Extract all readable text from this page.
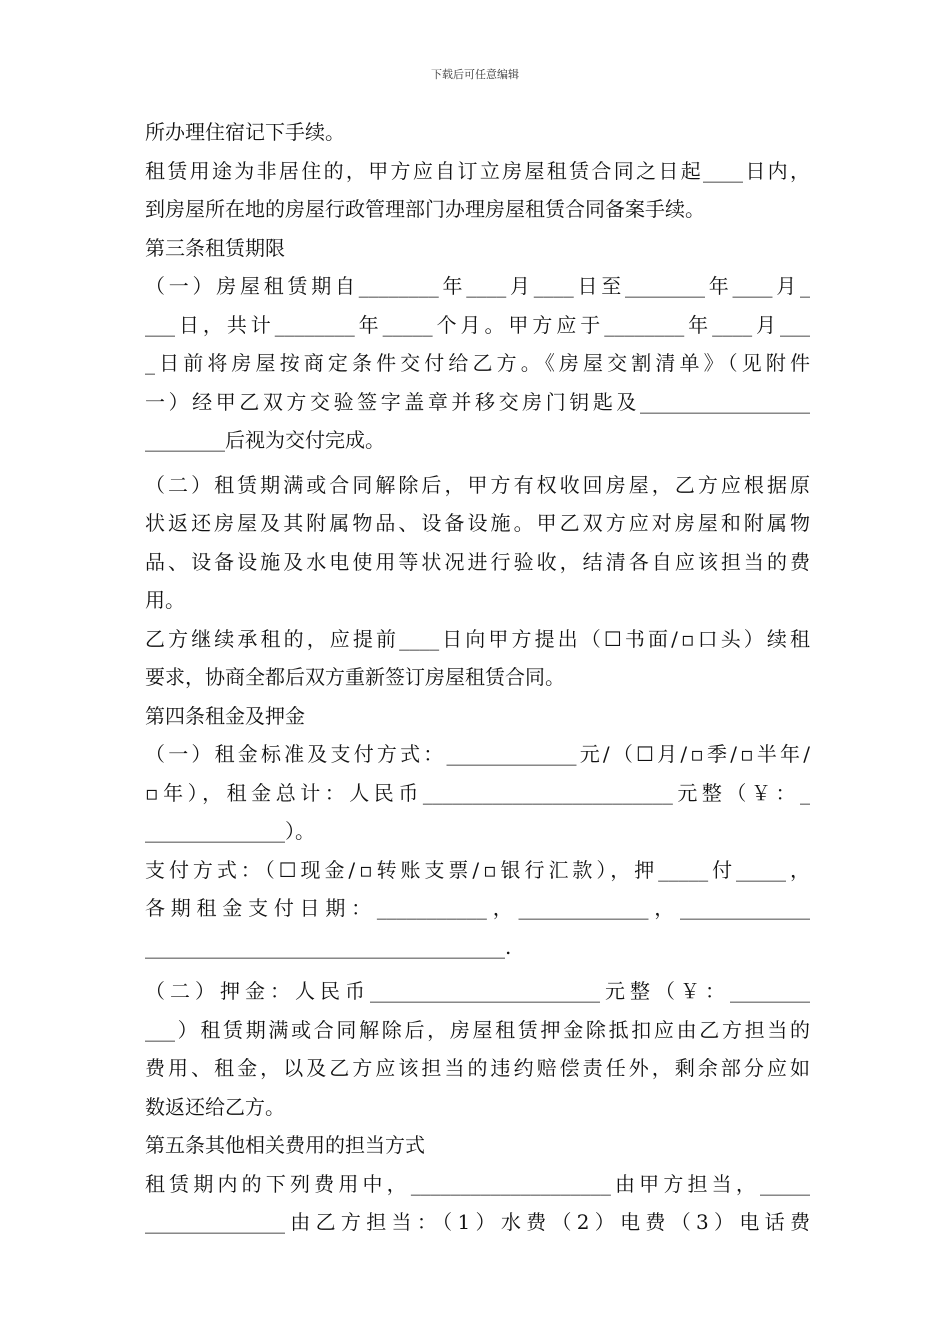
下载后可任意编辑
所办理住宿记下手续。
租赁用途为非居住的，甲方应自订立房屋租赁合同之日起____日内，
到房屋所在地的房屋行政管理部门办理房屋租赁合同备案手续。
第三条租赁期限
（一）房屋租赁期自________年____月____日至________年____月_
___日，共计________年_____个月。甲方应于________年____月___
_日前将房屋按商定条件交付给乙方。《房屋交割清单》（见附件
一）经甲乙双方交验签字盖章并移交房门钥匙及_________________
________后视为交付完成。
（二）租赁期满或合同解除后，甲方有权收回房屋，乙方应根据原
状返还房屋及其附属物品、设备设施。甲乙双方应对房屋和附属物
品、设备设施及水电使用等状况进行验收，结清各自应该担当的费
用。
乙方继续承租的，应提前____日向甲方提出（☐书面/▫口头）续租
要求，协商全都后双方重新签订房屋租赁合同。
第四条租金及押金
（一）租金标准及支付方式：_____________元/（☐月/▫季/▫半年/
▫年），租金总计：人民币_________________________元整（￥：_
______________）。
支付方式：（☐现金/▫转账支票/▫银行汇款），押_____付_____，
各期租金支付日期：___________，_____________，_____________
____________________________________.
（二）押金：人民币_______________________元整（￥：________
___）租赁期满或合同解除后，房屋租赁押金除抵扣应由乙方担当的
费用、租金，以及乙方应该担当的违约赔偿责任外，剩余部分应如
数返还给乙方。
第五条其他相关费用的担当方式
租赁期内的下列费用中，____________________由甲方担当，_____
______________由乙方担当：（1）水费（2）电费（3）电话费
